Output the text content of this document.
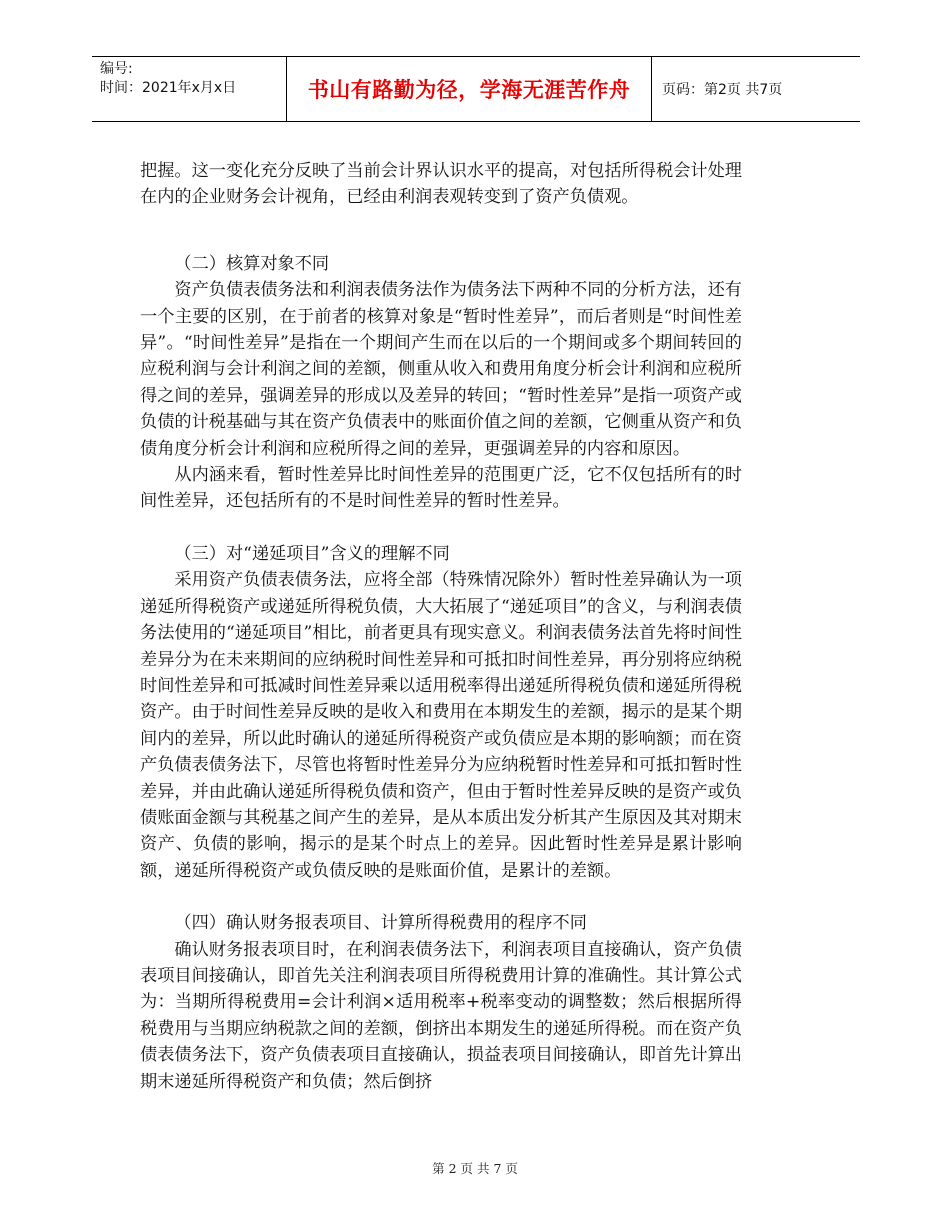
编号:
时间：2021年x月x日	书山有路勤为径，学海无涯苦作舟	页码：第2页 共7页

把握。这一变化充分反映了当前会计界认识水平的提高，对包括所得税会计处理在内的企业财务会计视角，已经由利润表观转变到了资产负债观。

（二）核算对象不同

资产负债表债务法和利润表债务法作为债务法下两种不同的分析方法，还有一个主要的区别，在于前者的核算对象是“暂时性差异”，而后者则是“时间性差异”。“时间性差异”是指在一个期间产生而在以后的一个期间或多个期间转回的应税利润与会计利润之间的差额，侧重从收入和费用角度分析会计利润和应税所得之间的差异，强调差异的形成以及差异的转回；“暂时性差异”是指一项资产或负债的计税基础与其在资产负债表中的账面价值之间的差额，它侧重从资产和负债角度分析会计利润和应税所得之间的差异，更强调差异的内容和原因。

从内涵来看，暂时性差异比时间性差异的范围更广泛，它不仅包括所有的时间性差异，还包括所有的不是时间性差异的暂时性差异。

（三）对“递延项目”含义的理解不同

采用资产负债表债务法，应将全部（特殊情况除外）暂时性差异确认为一项递延所得税资产或递延所得税负债，大大拓展了“递延项目”的含义，与利润表债务法使用的“递延项目”相比，前者更具有现实意义。利润表债务法首先将时间性差异分为在未来期间的应纳税时间性差异和可抵扣时间性差异，再分别将应纳税时间性差异和可抵减时间性差异乘以适用税率得出递延所得税负债和递延所得税资产。由于时间性差异反映的是收入和费用在本期发生的差额，揭示的是某个期间内的差异，所以此时确认的递延所得税资产或负债应是本期的影响额；而在资产负债表债务法下，尽管也将暂时性差异分为应纳税暂时性差异和可抵扣暂时性差异，并由此确认递延所得税负债和资产，但由于暂时性差异反映的是资产或负债账面金额与其税基之间产生的差异，是从本质出发分析其产生原因及其对期末资产、负债的影响，揭示的是某个时点上的差异。因此暂时性差异是累计影响额，递延所得税资产或负债反映的是账面价值，是累计的差额。

（四）确认财务报表项目、计算所得税费用的程序不同

确认财务报表项目时，在利润表债务法下，利润表项目直接确认，资产负债表项目间接确认，即首先关注利润表项目所得税费用计算的准确性。其计算公式为：当期所得税费用=会计利润×适用税率+税率变动的调整数；然后根据所得税费用与当期应纳税款之间的差额，倒挤出本期发生的递延所得税。而在资产负债表债务法下，资产负债表项目直接确认，损益表项目间接确认，即首先计算出期末递延所得税资产和负债；然后倒挤

第 2 页 共 7 页
